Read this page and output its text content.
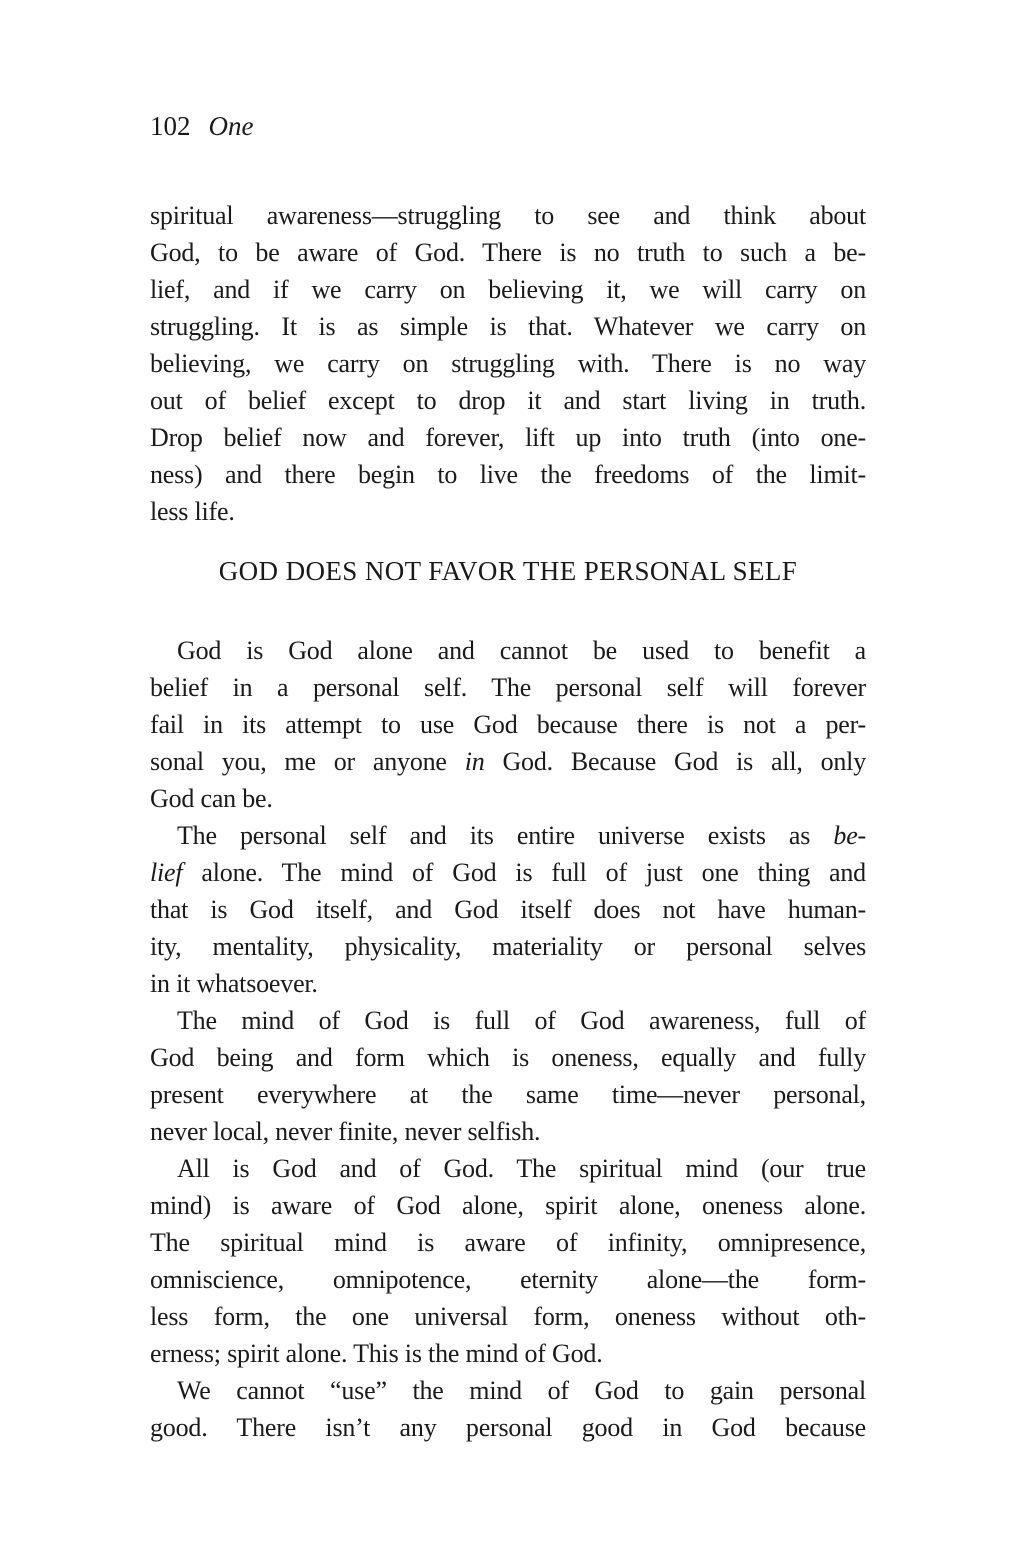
102 One
spiritual awareness—struggling to see and think about
God, to be aware of God. There is no truth to such a be-
lief, and if we carry on believing it, we will carry on
struggling. It is as simple is that. Whatever we carry on
believing, we carry on struggling with. There is no way
out of belief except to drop it and start living in truth.
Drop belief now and forever, lift up into truth (into one-
ness) and there begin to live the freedoms of the limit-
less life.
GOD DOES NOT FAVOR THE PERSONAL SELF
God is God alone and cannot be used to benefit a
belief in a personal self. The personal self will forever
fail in its attempt to use God because there is not a per-
sonal you, me or anyone in God. Because God is all, only
God can be.
The personal self and its entire universe exists as be-
lief alone. The mind of God is full of just one thing and
that is God itself, and God itself does not have human-
ity, mentality, physicality, materiality or personal selves
in it whatsoever.
The mind of God is full of God awareness, full of
God being and form which is oneness, equally and fully
present everywhere at the same time—never personal,
never local, never finite, never selfish.
All is God and of God. The spiritual mind (our true
mind) is aware of God alone, spirit alone, oneness alone.
The spiritual mind is aware of infinity, omnipresence,
omniscience, omnipotence, eternity alone—the form-
less form, the one universal form, oneness without oth-
erness; spirit alone. This is the mind of God.
We cannot “use” the mind of God to gain personal
good. There isn’t any personal good in God because
